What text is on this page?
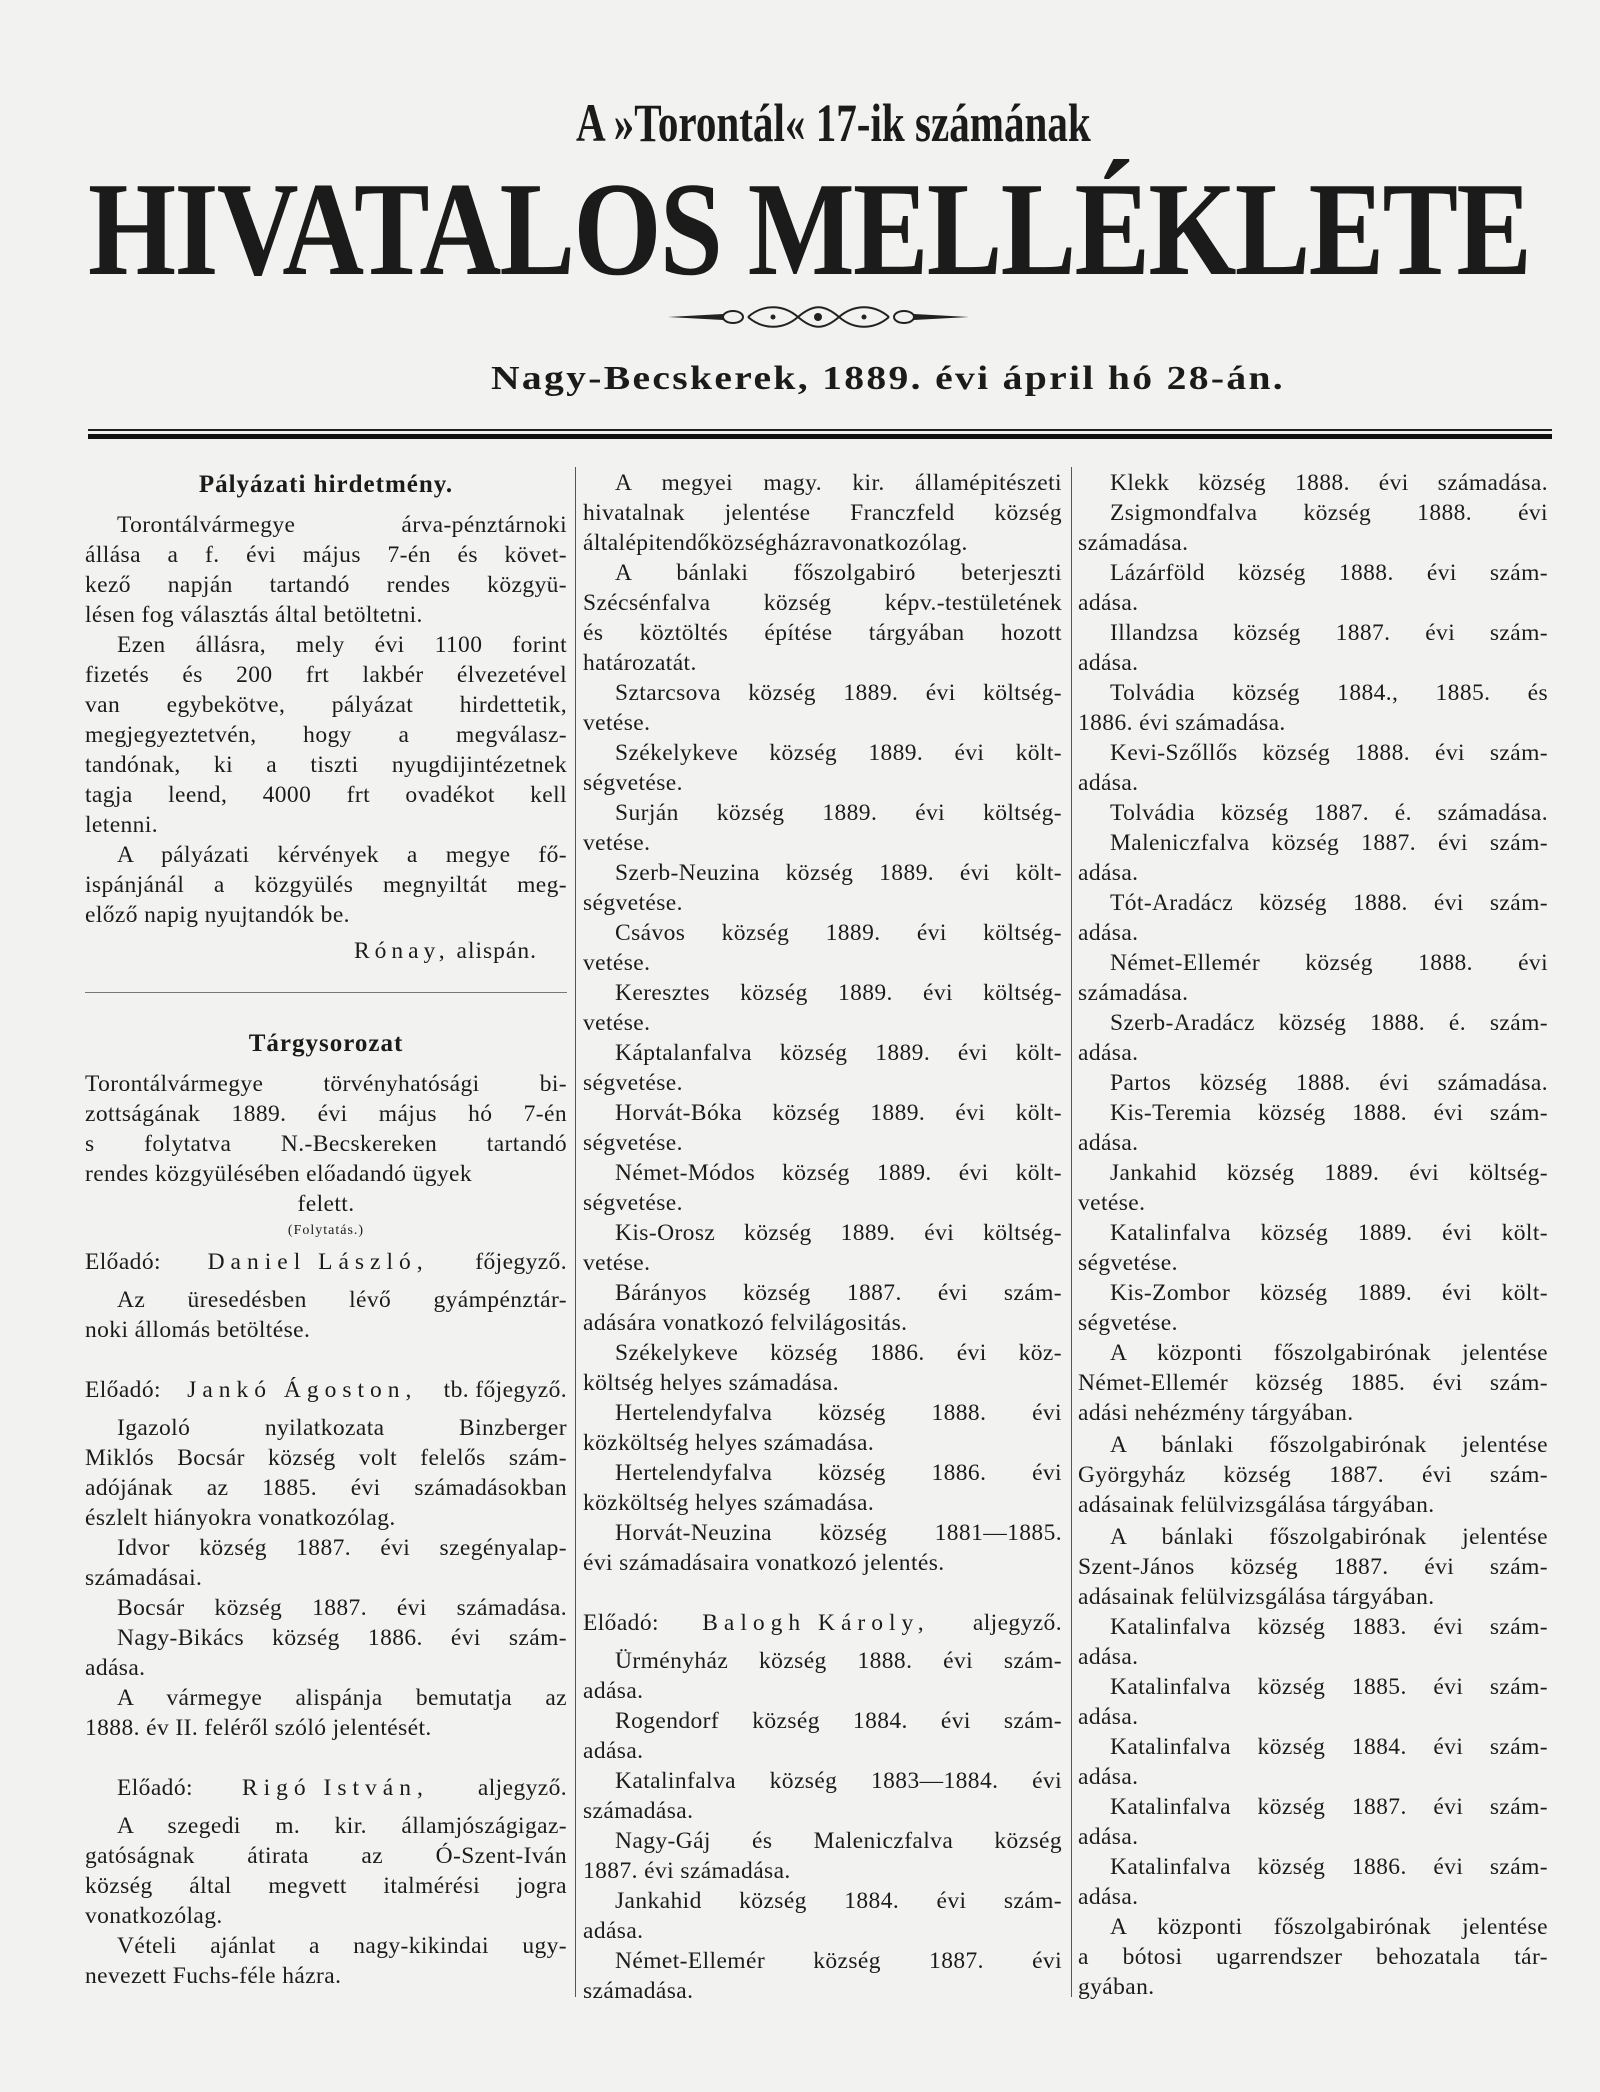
A »Torontál« 17-ik számának
HIVATALOS MELLÉKLETE
Nagy-Becskerek, 1889. évi ápril hó 28-án.
Pályázati hirdetmény.
Torontálvármegye árva-pénztárnoki
állása a f. évi május 7-én és követ-
kező napján tartandó rendes közgyü-
lésen fog választás által betöltetni.
Ezen állásra, mely évi 1100 forint
fizetés és 200 frt lakbér élvezetével
van egybekötve, pályázat hirdettetik,
megjegyeztetvén, hogy a megválasz-
tandónak, ki a tiszti nyugdijintézetnek
tagja leend, 4000 frt ovadékot kell
letenni.
A pályázati kérvények a megye fő-
ispánjánál a közgyülés megnyiltát meg-
előző napig nyujtandók be.
Rónay, alispán.
Tárgysorozat
Torontálvármegye törvényhatósági bi-
zottságának 1889. évi május hó 7-én
s folytatva N.-Becskereken tartandó
rendes közgyülésében előadandó ügyek
felett.
(Folytatás.)
Előadó: Daniel László, főjegyző.
Az üresedésben lévő gyámpénztár-
noki állomás betöltése.
Előadó: Jankó Ágoston, tb. főjegyző.
Igazoló nyilatkozata Binzberger
Miklós Bocsár község volt felelős szám-
adójának az 1885. évi számadásokban
észlelt hiányokra vonatkozólag.
Idvor község 1887. évi szegényalap-
számadásai.
Bocsár község 1887. évi számadása.
Nagy-Bikács község 1886. évi szám-
adása.
A vármegye alispánja bemutatja az
1888. év II. feléről szóló jelentését.
Előadó: Rigó István, aljegyző.
A szegedi m. kir. államjószágigaz-
gatóságnak átirata az Ó-Szent-Iván
község által megvett italmérési jogra
vonatkozólag.
Vételi ajánlat a nagy-kikindai ugy-
nevezett Fuchs-féle házra.
A megyei magy. kir. államépitészeti
hivatalnak jelentése Franczfeld község
általépitendőközségházravonatkozólag.
A bánlaki főszolgabiró beterjeszti
Szécsénfalva község képv.-testületének
és köztöltés építése tárgyában hozott
határozatát.
Sztarcsova község 1889. évi költség-
vetése.
Székelykeve község 1889. évi költ-
ségvetése.
Surján község 1889. évi költség-
vetése.
Szerb-Neuzina község 1889. évi költ-
ségvetése.
Csávos község 1889. évi költség-
vetése.
Keresztes község 1889. évi költség-
vetése.
Káptalanfalva község 1889. évi költ-
ségvetése.
Horvát-Bóka község 1889. évi költ-
ségvetése.
Német-Módos község 1889. évi költ-
ségvetése.
Kis-Orosz község 1889. évi költség-
vetése.
Bárányos község 1887. évi szám-
adására vonatkozó felvilágositás.
Székelykeve község 1886. évi köz-
költség helyes számadása.
Hertelendyfalva község 1888. évi
közköltség helyes számadása.
Hertelendyfalva község 1886. évi
közköltség helyes számadása.
Horvát-Neuzina község 1881—1885.
évi számadásaira vonatkozó jelentés.
Előadó: Balogh Károly, aljegyző.
Ürményház község 1888. évi szám-
adása.
Rogendorf község 1884. évi szám-
adása.
Katalinfalva község 1883—1884. évi
számadása.
Nagy-Gáj és Maleniczfalva község
1887. évi számadása.
Jankahid község 1884. évi szám-
adása.
Német-Ellemér község 1887. évi
számadása.
Klekk község 1888. évi számadása.
Zsigmondfalva község 1888. évi
számadása.
Lázárföld község 1888. évi szám-
adása.
Illandzsa község 1887. évi szám-
adása.
Tolvádia község 1884., 1885. és
1886. évi számadása.
Kevi-Szőllős község 1888. évi szám-
adása.
Tolvádia község 1887. é. számadása.
Maleniczfalva község 1887. évi szám-
adása.
Tót-Aradácz község 1888. évi szám-
adása.
Német-Ellemér község 1888. évi
számadása.
Szerb-Aradácz község 1888. é. szám-
adása.
Partos község 1888. évi számadása.
Kis-Teremia község 1888. évi szám-
adása.
Jankahid község 1889. évi költség-
vetése.
Katalinfalva község 1889. évi költ-
ségvetése.
Kis-Zombor község 1889. évi költ-
ségvetése.
A központi főszolgabirónak jelentése
Német-Ellemér község 1885. évi szám-
adási nehézmény tárgyában.
A bánlaki főszolgabirónak jelentése
Györgyház község 1887. évi szám-
adásainak felülvizsgálása tárgyában.
A bánlaki főszolgabirónak jelentése
Szent-János község 1887. évi szám-
adásainak felülvizsgálása tárgyában.
Katalinfalva község 1883. évi szám-
adása.
Katalinfalva község 1885. évi szám-
adása.
Katalinfalva község 1884. évi szám-
adása.
Katalinfalva község 1887. évi szám-
adása.
Katalinfalva község 1886. évi szám-
adása.
A központi főszolgabirónak jelentése
a bótosi ugarrendszer behozatala tár-
gyában.
